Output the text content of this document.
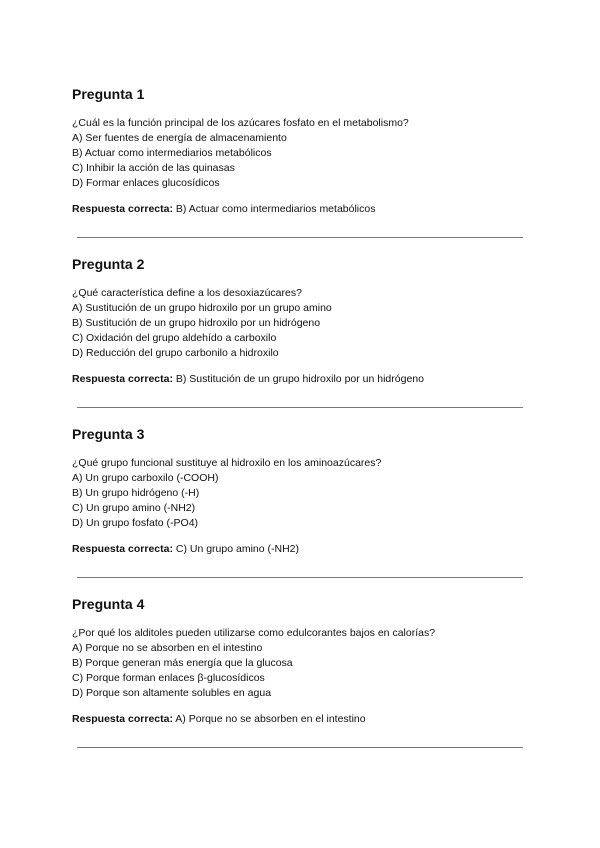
Pregunta 1

¿Cuál es la función principal de los azúcares fosfato en el metabolismo?

A) Ser fuentes de energía de almacenamiento
B) Actuar como intermediarios metabólicos
C) Inhibir la acción de las quinasas
D) Formar enlaces glucosídicos
Respuesta correcta: B) Actuar como intermediarios metabólicos
Pregunta 2

¿Qué característica define a los desoxiazúcares?

A) Sustitución de un grupo hidroxilo por un grupo amino
B) Sustitución de un grupo hidroxilo por un hidrógeno
C) Oxidación del grupo aldehído a carboxilo
D) Reducción del grupo carbonilo a hidroxilo
Respuesta correcta: B) Sustitución de un grupo hidroxilo por un hidrógeno
Pregunta 3

¿Qué grupo funcional sustituye al hidroxilo en los aminoazúcares?

A) Un grupo carboxilo (-COOH)
B) Un grupo hidrógeno (-H)
C) Un grupo amino (-NH2)
D) Un grupo fosfato (-PO4)
Respuesta correcta: C) Un grupo amino (-NH2)
Pregunta 4

¿Por qué los alditoles pueden utilizarse como edulcorantes bajos en calorías?

A) Porque no se absorben en el intestino
B) Porque generan más energía que la glucosa
C) Porque forman enlaces β-glucosídicos
D) Porque son altamente solubles en agua
Respuesta correcta: A) Porque no se absorben en el intestino
